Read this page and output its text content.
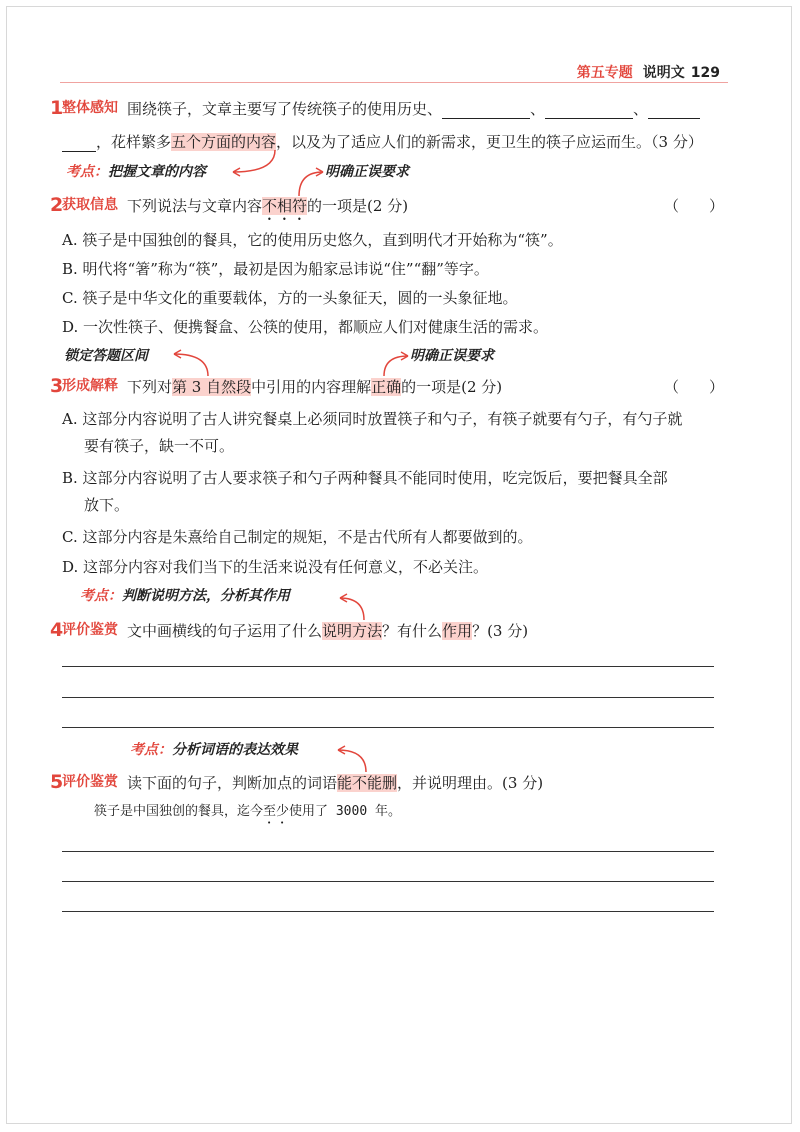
第五专题 说明文 129
1
整体感知 围绕筷子，文章主要写了传统筷子的使用历史、	、	、
，花样繁多五个方面的内容，以及为了适应人们的新需求，更卫生的筷子应运而生。（3 分）
考点：把握文章的内容	明确正误要求
2
获取信息 下列说法与文章内容不相符的一项是(2 分)	（　　）
A. 筷子是中国独创的餐具，它的使用历史悠久，直到明代才开始称为“筷”。
B. 明代将“箸”称为“筷”，最初是因为船家忌讳说“住”“翻”等字。
C. 筷子是中华文化的重要载体，方的一头象征天，圆的一头象征地。
D. 一次性筷子、便携餐盒、公筷的使用，都顺应人们对健康生活的需求。
锁定答题区间	明确正误要求
3
形成解释 下列对第 3 自然段中引用的内容理解正确的一项是(2 分)	（　　）
A. 这部分内容说明了古人讲究餐桌上必须同时放置筷子和勺子，有筷子就要有勺子，有勺子就
要有筷子，缺一不可。
B. 这部分内容说明了古人要求筷子和勺子两种餐具不能同时使用，吃完饭后，要把餐具全部
放下。
C. 这部分内容是朱熹给自己制定的规矩，不是古代所有人都要做到的。
D. 这部分内容对我们当下的生活来说没有任何意义，不必关注。
考点：判断说明方法，分析其作用
4
评价鉴赏 文中画横线的句子运用了什么说明方法？有什么作用？(3 分)
考点：分析词语的表达效果
5
评价鉴赏 读下面的句子，判断加点的词语能不能删，并说明理由。(3 分)
筷子是中国独创的餐具，迄今至少使用了 3000 年。
